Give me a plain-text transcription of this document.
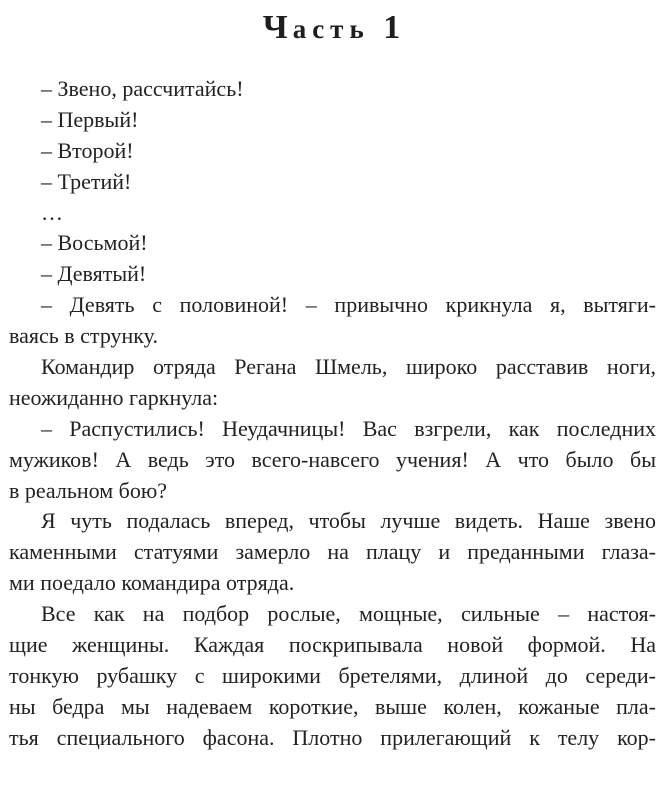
Часть 1
– Звено, рассчитайсь!
– Первый!
– Второй!
– Третий!
…
– Восьмой!
– Девятый!
– Девять с половиной! – привычно крикнула я, вытяги-
ваясь в струнку.
Командир отряда Регана Шмель, широко расставив ноги,
неожиданно гаркнула:
– Распустились! Неудачницы! Вас взгрели, как последних
мужиков! А ведь это всего-навсего учения! А что было бы
в реальном бою?
Я чуть подалась вперед, чтобы лучше видеть. Наше звено
каменными статуями замерло на плацу и преданными глаза-
ми поедало командира отряда.
Все как на подбор рослые, мощные, сильные – настоя-
щие женщины. Каждая поскрипывала новой формой. На
тонкую рубашку с широкими бретелями, длиной до середи-
ны бедра мы надеваем короткие, выше колен, кожаные пла-
тья специального фасона. Плотно прилегающий к телу кор-
